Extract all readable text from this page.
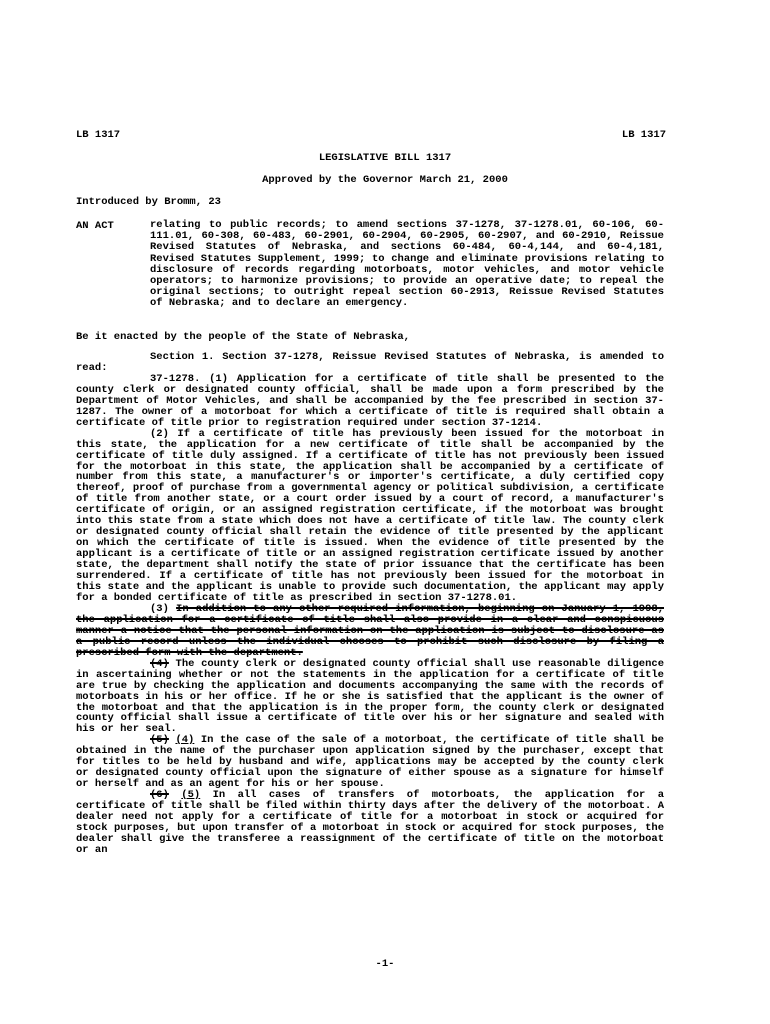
LB 1317	LB 1317
LEGISLATIVE BILL 1317
Approved by the Governor March 21, 2000
Introduced by Bromm, 23
AN ACT	relating to public records; to amend sections 37-1278, 37-1278.01, 60-106, 60-111.01, 60-308, 60-483, 60-2901, 60-2904, 60-2905, 60-2907, and 60-2910, Reissue Revised Statutes of Nebraska, and sections 60-484, 60-4,144, and 60-4,181, Revised Statutes Supplement, 1999; to change and eliminate provisions relating to disclosure of records regarding motorboats, motor vehicles, and motor vehicle operators; to harmonize provisions; to provide an operative date; to repeal the original sections; to outright repeal section 60-2913, Reissue Revised Statutes of Nebraska; and to declare an emergency.
Be it enacted by the people of the State of Nebraska,

Section 1. Section 37-1278, Reissue Revised Statutes of Nebraska, is amended to read:

37-1278. (1) Application for a certificate of title shall be presented to the county clerk or designated county official, shall be made upon a form prescribed by the Department of Motor Vehicles, and shall be accompanied by the fee prescribed in section 37-1287. The owner of a motorboat for which a certificate of title is required shall obtain a certificate of title prior to registration required under section 37-1214.

(2) If a certificate of title has previously been issued for the motorboat in this state, the application for a new certificate of title shall be accompanied by the certificate of title duly assigned. If a certificate of title has not previously been issued for the motorboat in this state, the application shall be accompanied by a certificate of number from this state, a manufacturer's or importer's certificate, a duly certified copy thereof, proof of purchase from a governmental agency or political subdivision, a certificate of title from another state, or a court order issued by a court of record, a manufacturer's certificate of origin, or an assigned registration certificate, if the motorboat was brought into this state from a state which does not have a certificate of title law. The county clerk or designated county official shall retain the evidence of title presented by the applicant on which the certificate of title is issued. When the evidence of title presented by the applicant is a certificate of title or an assigned registration certificate issued by another state, the department shall notify the state of prior issuance that the certificate has been surrendered. If a certificate of title has not previously been issued for the motorboat in this state and the applicant is unable to provide such documentation, the applicant may apply for a bonded certificate of title as prescribed in section 37-1278.01.

(3) In addition to any other required information, beginning on January 1, 1998, the application for a certificate of title shall also provide in a clear and conspicuous manner a notice that the personal information on the application is subject to disclosure as a public record unless the individual chooses to prohibit such disclosure by filing a prescribed form with the department.

(4) The county clerk or designated county official shall use reasonable diligence in ascertaining whether or not the statements in the application for a certificate of title are true by checking the application and documents accompanying the same with the records of motorboats in his or her office. If he or she is satisfied that the applicant is the owner of the motorboat and that the application is in the proper form, the county clerk or designated county official shall issue a certificate of title over his or her signature and sealed with his or her seal.

(5) (4) In the case of the sale of a motorboat, the certificate of title shall be obtained in the name of the purchaser upon application signed by the purchaser, except that for titles to be held by husband and wife, applications may be accepted by the county clerk or designated county official upon the signature of either spouse as a signature for himself or herself and as an agent for his or her spouse.

(6) (5) In all cases of transfers of motorboats, the application for a certificate of title shall be filed within thirty days after the delivery of the motorboat. A dealer need not apply for a certificate of title for a motorboat in stock or acquired for stock purposes, but upon transfer of a motorboat in stock or acquired for stock purposes, the dealer shall give the transferee a reassignment of the certificate of title on the motorboat or an

-1-
